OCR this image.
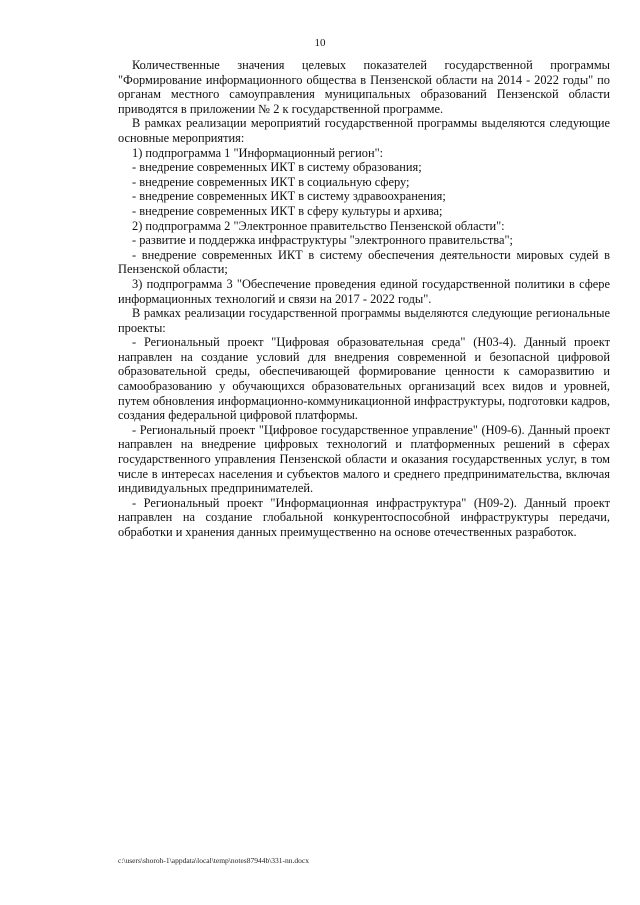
10

Количественные значения целевых показателей государственной программы "Формирование информационного общества в Пензенской области на 2014 - 2022 годы" по органам местного самоуправления муниципальных образований Пензенской области приводятся в приложении № 2 к государственной программе.

В рамках реализации мероприятий государственной программы выделяются следующие основные мероприятия:

1) подпрограмма 1 "Информационный регион":

- внедрение современных ИКТ в систему образования;

- внедрение современных ИКТ в социальную сферу;

- внедрение современных ИКТ в систему здравоохранения;

- внедрение современных ИКТ в сферу культуры и архива;

2) подпрограмма 2 "Электронное правительство Пензенской области":

- развитие и поддержка инфраструктуры "электронного правительства";

- внедрение современных ИКТ в систему обеспечения деятельности мировых судей в Пензенской области;

3) подпрограмма 3 "Обеспечение проведения единой государственной политики в сфере информационных технологий и связи на 2017 - 2022 годы".

В рамках реализации государственной программы выделяются следующие региональные проекты:

- Региональный проект "Цифровая образовательная среда" (Н03-4). Данный проект направлен на создание условий для внедрения современной и безопасной цифровой образовательной среды, обеспечивающей формирование ценности к саморазвитию и самообразованию у обучающихся образовательных организаций всех видов и уровней, путем обновления информационно-коммуникационной инфраструктуры, подготовки кадров, создания федеральной цифровой платформы.

- Региональный проект "Цифровое государственное управление" (Н09-6). Данный проект направлен на внедрение цифровых технологий и платформенных решений в сферах государственного управления Пензенской области и оказания государственных услуг, в том числе в интересах населения и субъектов малого и среднего предпринимательства, включая индивидуальных предпринимателей.

- Региональный проект "Информационная инфраструктура" (Н09-2). Данный проект направлен на создание глобальной конкурентоспособной инфраструктуры передачи, обработки и хранения данных преимущественно на основе отечественных разработок.

c:\users\shoroh-1\appdata\local\temp\notes87944b\331-nn.docx
